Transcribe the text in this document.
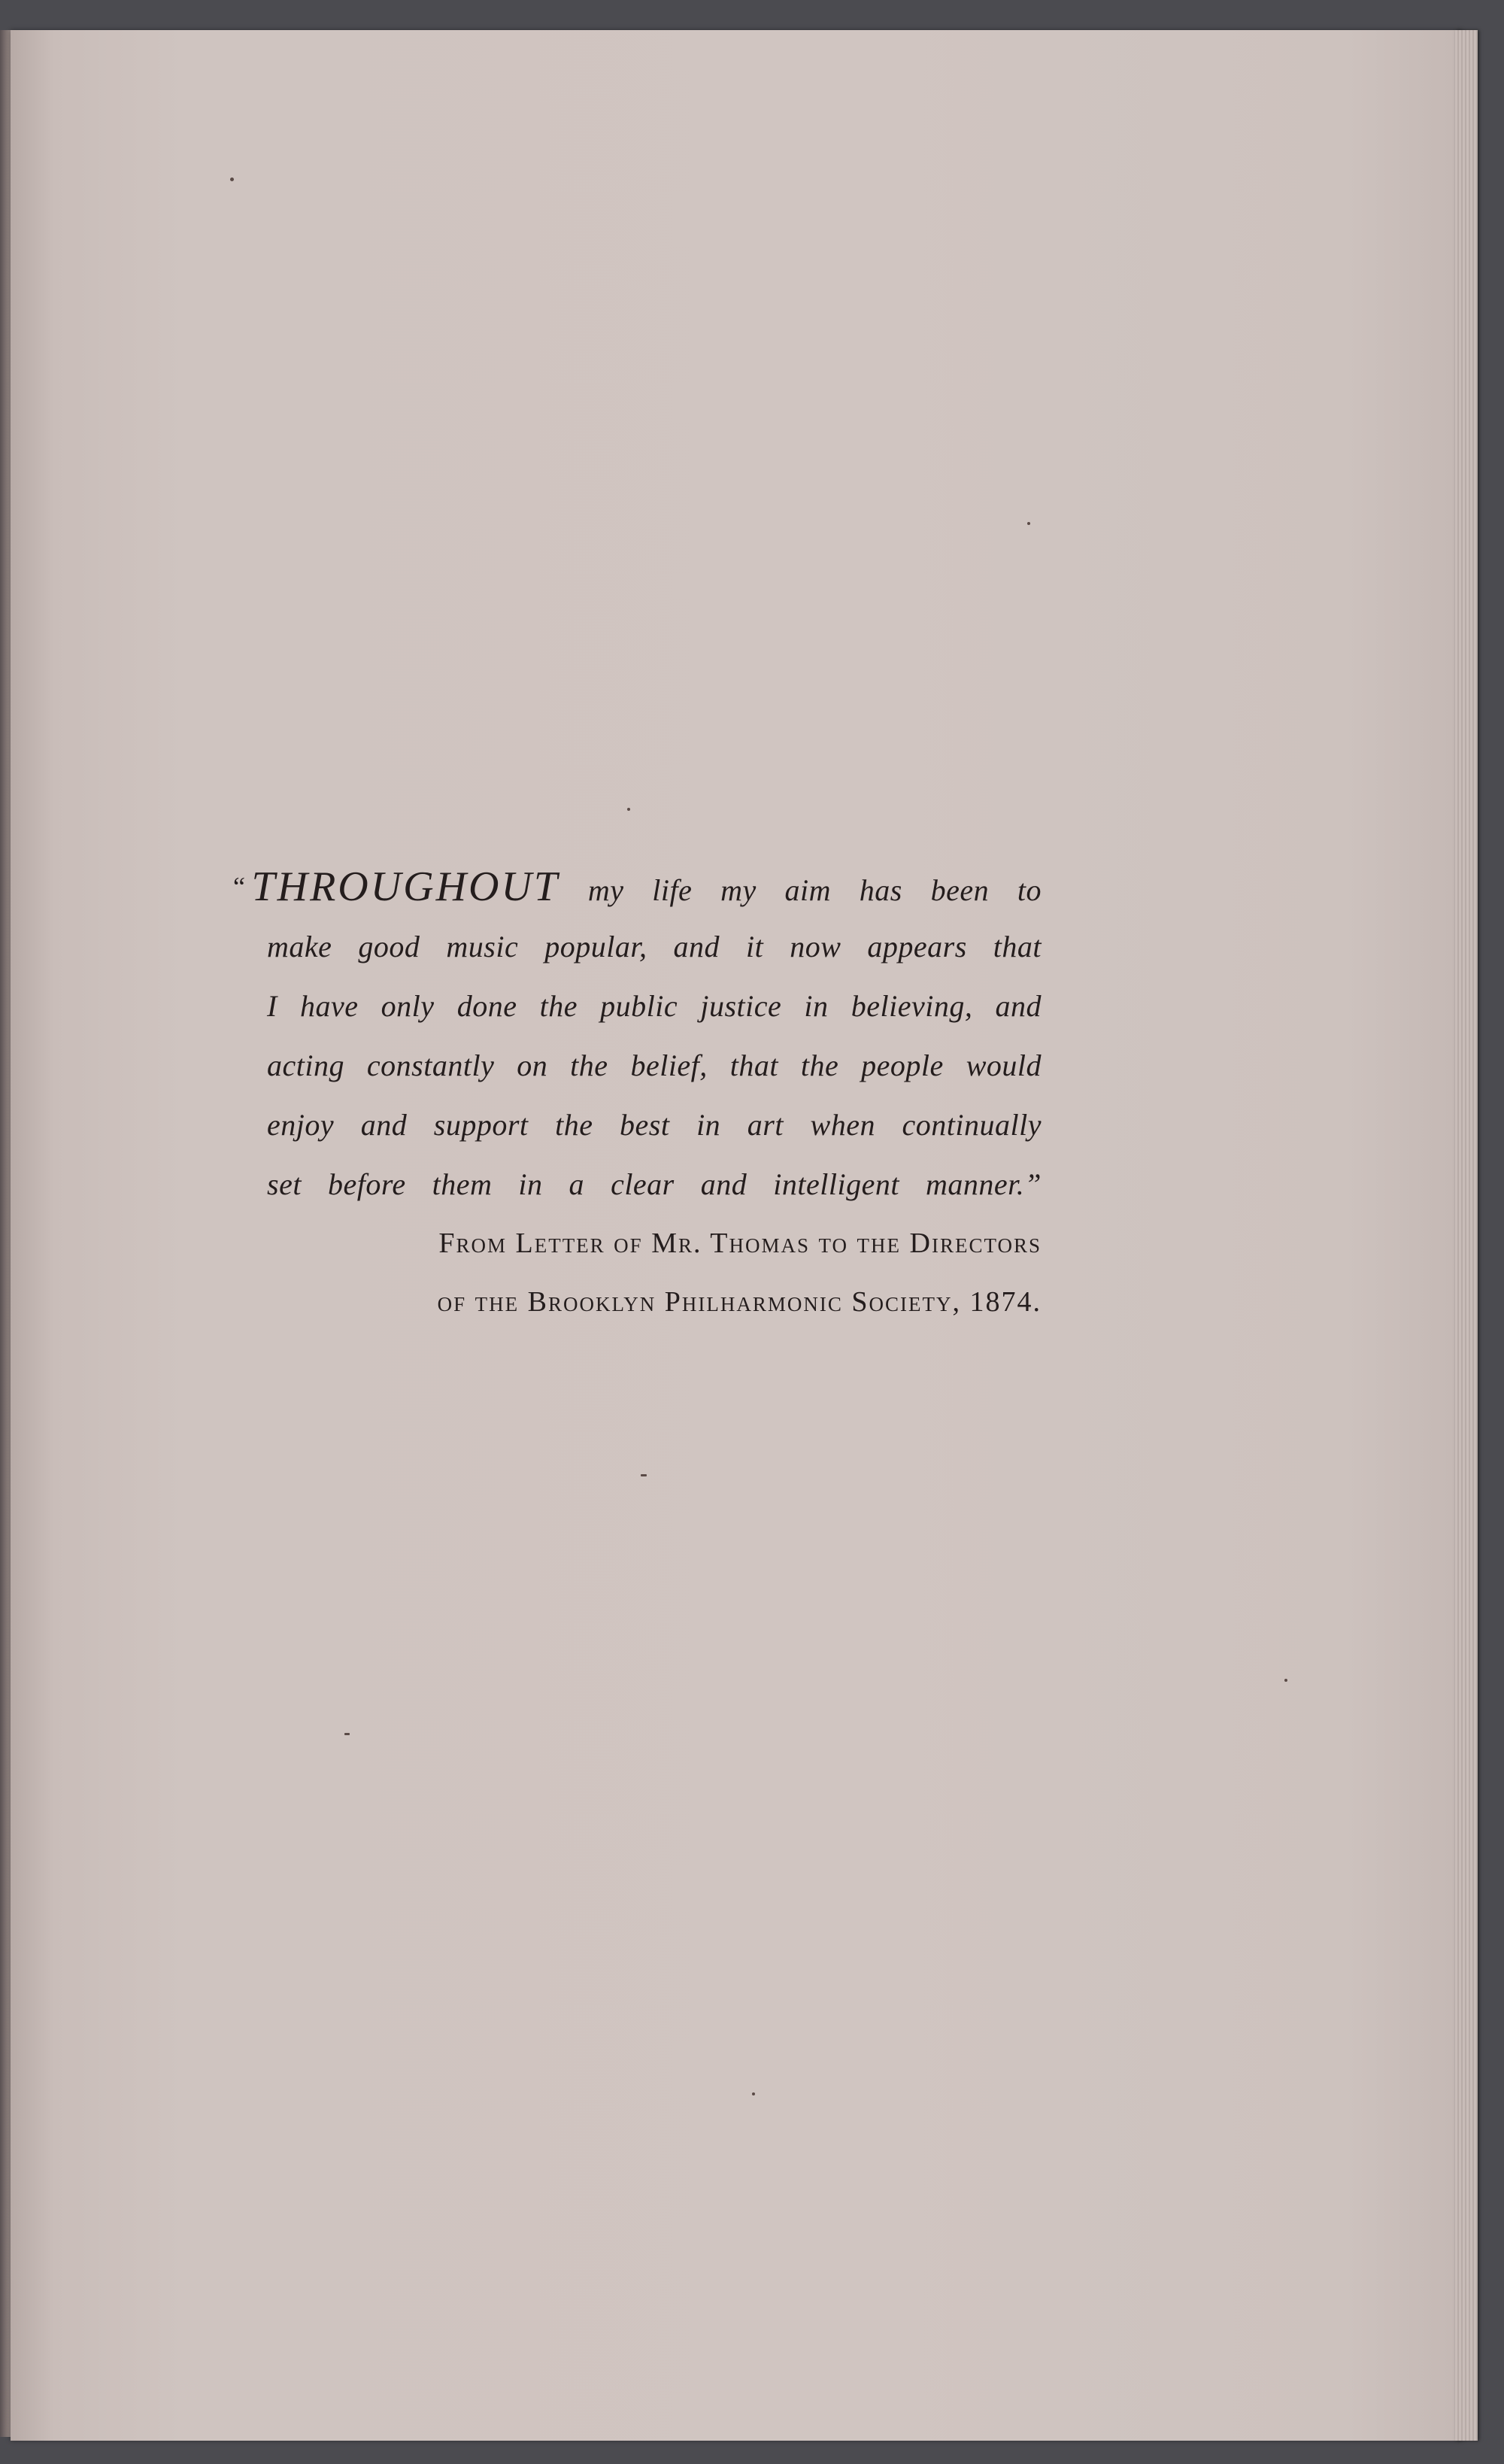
“ THROUGHOUT my life my aim has been to
make good music popular, and it now appears that
I have only done the public justice in believing, and
acting constantly on the belief, that the people would
enjoy and support the best in art when continually
set before them in a clear and intelligent manner.”
From Letter of Mr. Thomas to the Directors
of the Brooklyn Philharmonic Society, 1874.
